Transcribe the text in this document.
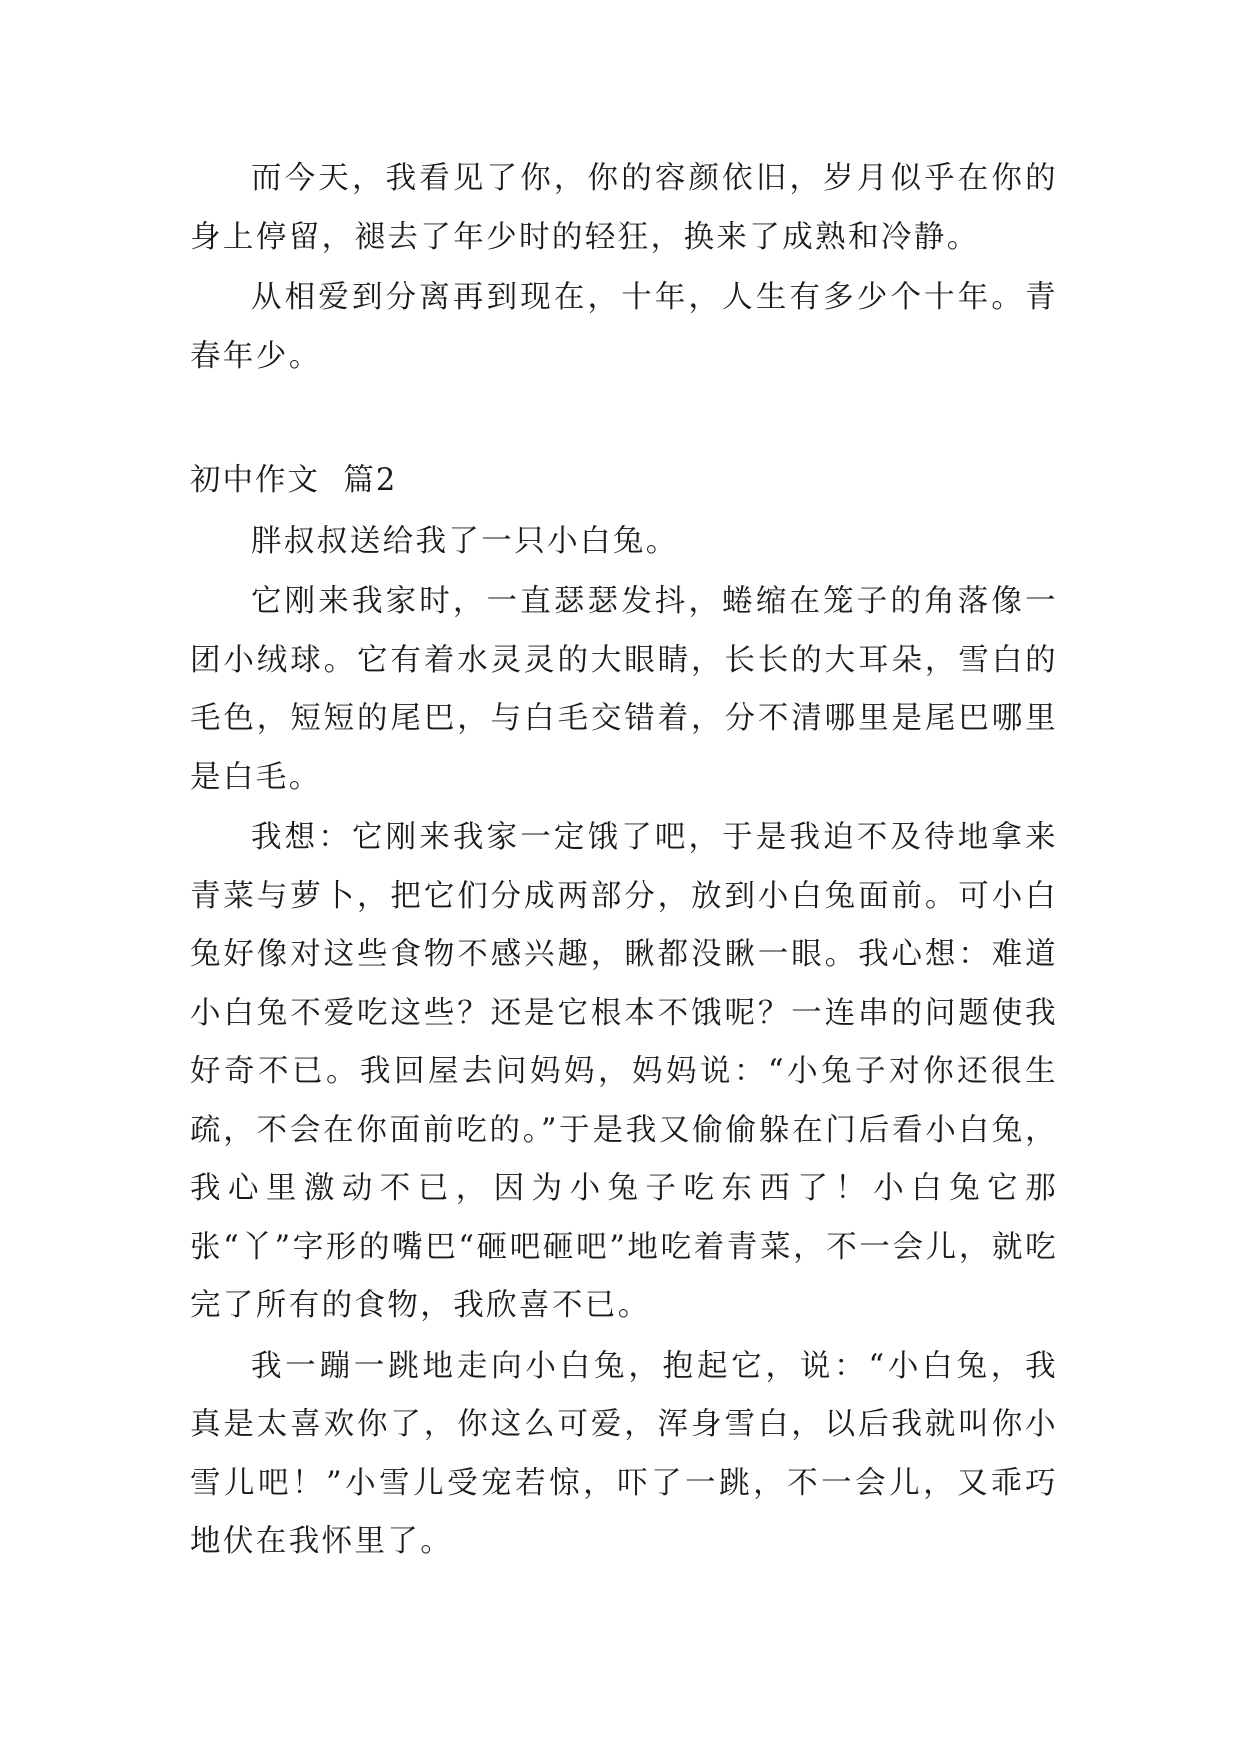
而今天，我看见了你，你的容颜依旧，岁月似乎在你的身上停留，褪去了年少时的轻狂，换来了成熟和冷静。

从相爱到分离再到现在，十年，人生有多少个十年。青春年少。

初中作文  篇2

胖叔叔送给我了一只小白兔。

它刚来我家时，一直瑟瑟发抖，蜷缩在笼子的角落像一团小绒球。它有着水灵灵的大眼睛，长长的大耳朵，雪白的毛色，短短的尾巴，与白毛交错着，分不清哪里是尾巴哪里是白毛。

我想：它刚来我家一定饿了吧，于是我迫不及待地拿来青菜与萝卜，把它们分成两部分，放到小白兔面前。可小白兔好像对这些食物不感兴趣，瞅都没瞅一眼。我心想：难道小白兔不爱吃这些？还是它根本不饿呢？一连串的问题使我好奇不已。我回屋去问妈妈，妈妈说：“小兔子对你还很生疏，不会在你面前吃的。”于是我又偷偷躲在门后看小白兔，我心里激动不已，因为小兔子吃东西了！小白兔它那张“丫”字形的嘴巴“砸吧砸吧”地吃着青菜，不一会儿，就吃完了所有的食物，我欣喜不已。

我一蹦一跳地走向小白兔，抱起它，说：“小白兔，我真是太喜欢你了，你这么可爱，浑身雪白，以后我就叫你小雪儿吧！”小雪儿受宠若惊，吓了一跳，不一会儿，又乖巧地伏在我怀里了。
